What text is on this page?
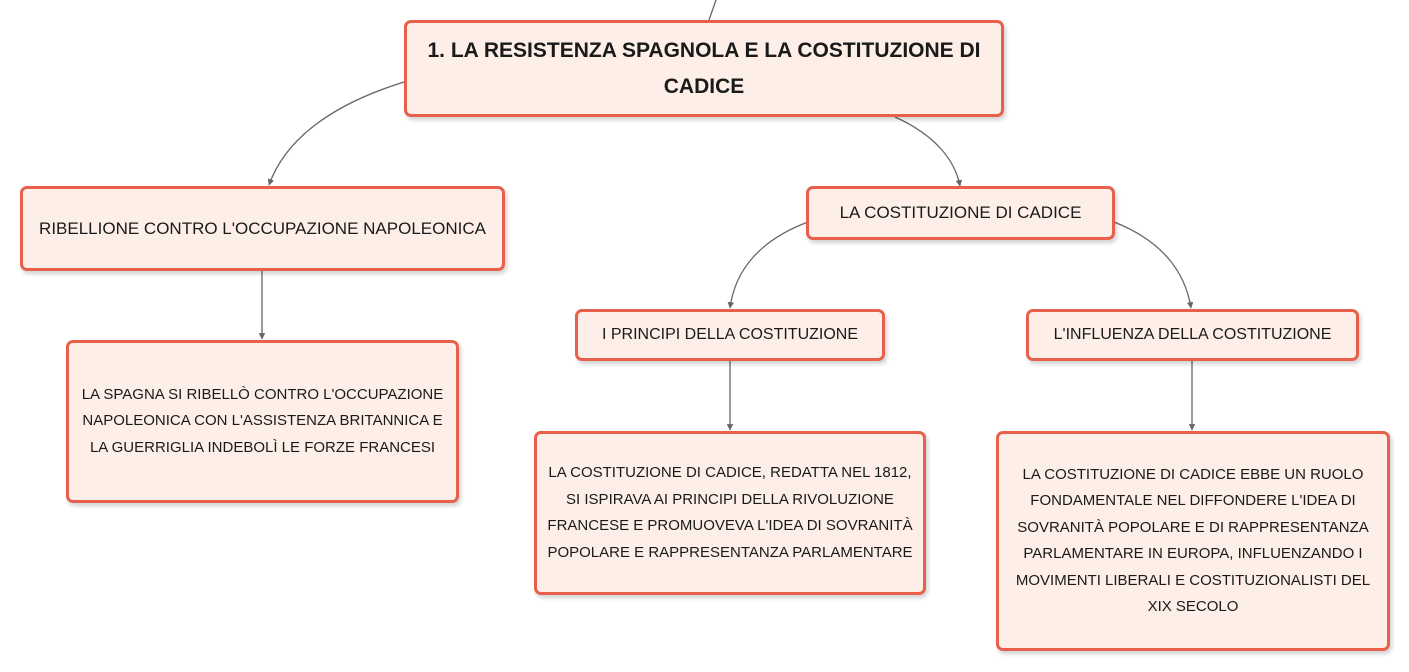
1. LA RESISTENZA SPAGNOLA E LA COSTITUZIONE DI CADICE
RIBELLIONE CONTRO L'OCCUPAZIONE NAPOLEONICA
LA SPAGNA SI RIBELLÒ CONTRO L'OCCUPAZIONE NAPOLEONICA CON L'ASSISTENZA BRITANNICA E LA GUERRIGLIA INDEBOLÌ LE FORZE FRANCESI
LA COSTITUZIONE DI CADICE
I PRINCIPI DELLA COSTITUZIONE
LA COSTITUZIONE DI CADICE, REDATTA NEL 1812, SI ISPIRAVA AI PRINCIPI DELLA RIVOLUZIONE FRANCESE E PROMUOVEVA L'IDEA DI SOVRANITÀ POPOLARE E RAPPRESENTANZA PARLAMENTARE
L'INFLUENZA DELLA COSTITUZIONE
LA COSTITUZIONE DI CADICE EBBE UN RUOLO FONDAMENTALE NEL DIFFONDERE L'IDEA DI SOVRANITÀ POPOLARE E DI RAPPRESENTANZA PARLAMENTARE IN EUROPA, INFLUENZANDO I MOVIMENTI LIBERALI E COSTITUZIONALISTI DEL XIX SECOLO
